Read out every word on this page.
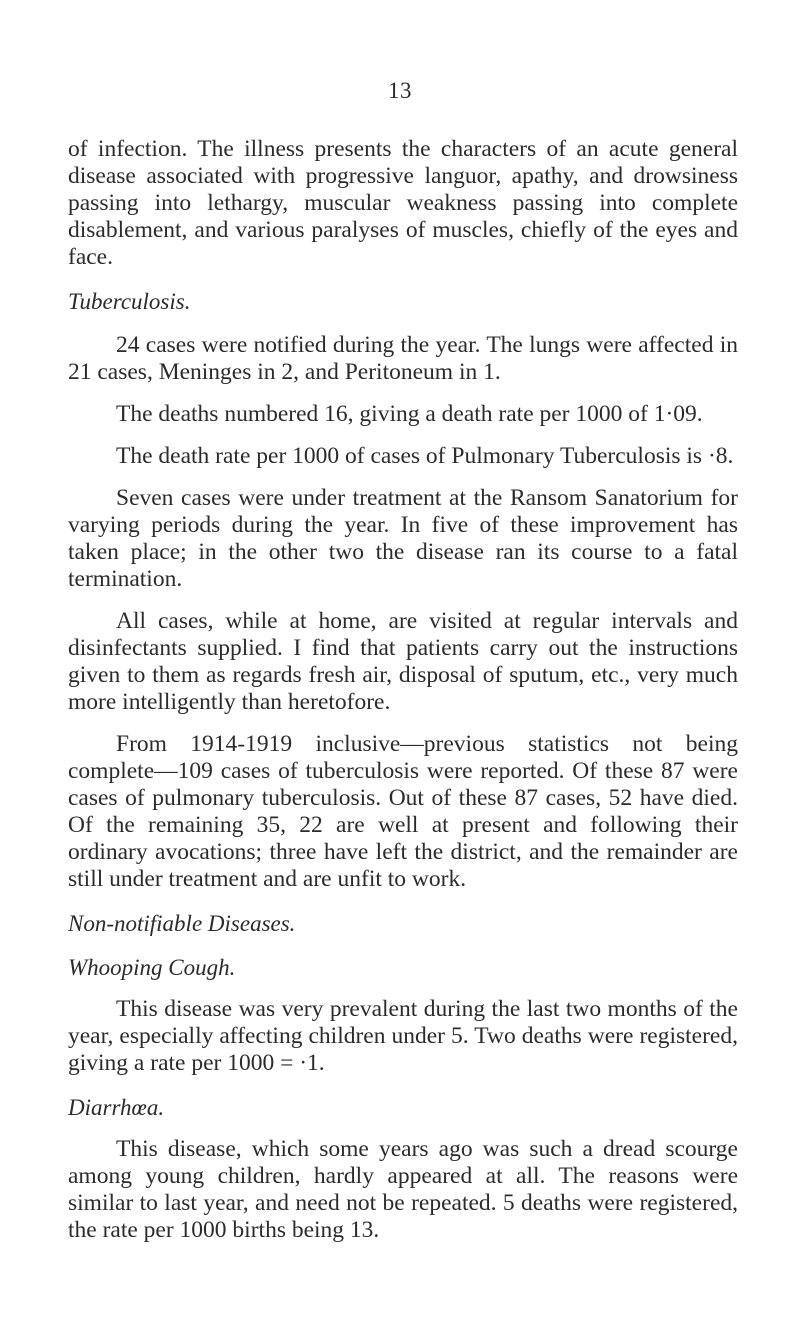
13

of infection. The illness presents the characters of an acute general disease associated with progressive languor, apathy, and drowsiness passing into lethargy, muscular weakness passing into complete disablement, and various paralyses of muscles, chiefly of the eyes and face.

Tuberculosis.

24 cases were notified during the year. The lungs were affected in 21 cases, Meninges in 2, and Peritoneum in 1.

The deaths numbered 16, giving a death rate per 1000 of 1·09.

The death rate per 1000 of cases of Pulmonary Tuberculosis is ·8.

Seven cases were under treatment at the Ransom Sanatorium for varying periods during the year. In five of these improvement has taken place; in the other two the disease ran its course to a fatal termination.

All cases, while at home, are visited at regular intervals and disinfectants supplied. I find that patients carry out the instructions given to them as regards fresh air, disposal of sputum, etc., very much more intelligently than heretofore.

From 1914-1919 inclusive—previous statistics not being complete—109 cases of tuberculosis were reported. Of these 87 were cases of pulmonary tuberculosis. Out of these 87 cases, 52 have died. Of the remaining 35, 22 are well at present and following their ordinary avocations; three have left the district, and the remainder are still under treatment and are unfit to work.

Non-notifiable Diseases.
Whooping Cough.

This disease was very prevalent during the last two months of the year, especially affecting children under 5. Two deaths were registered, giving a rate per 1000 = ·1.

Diarrhœa.

This disease, which some years ago was such a dread scourge among young children, hardly appeared at all. The reasons were similar to last year, and need not be repeated. 5 deaths were registered, the rate per 1000 births being 13.
